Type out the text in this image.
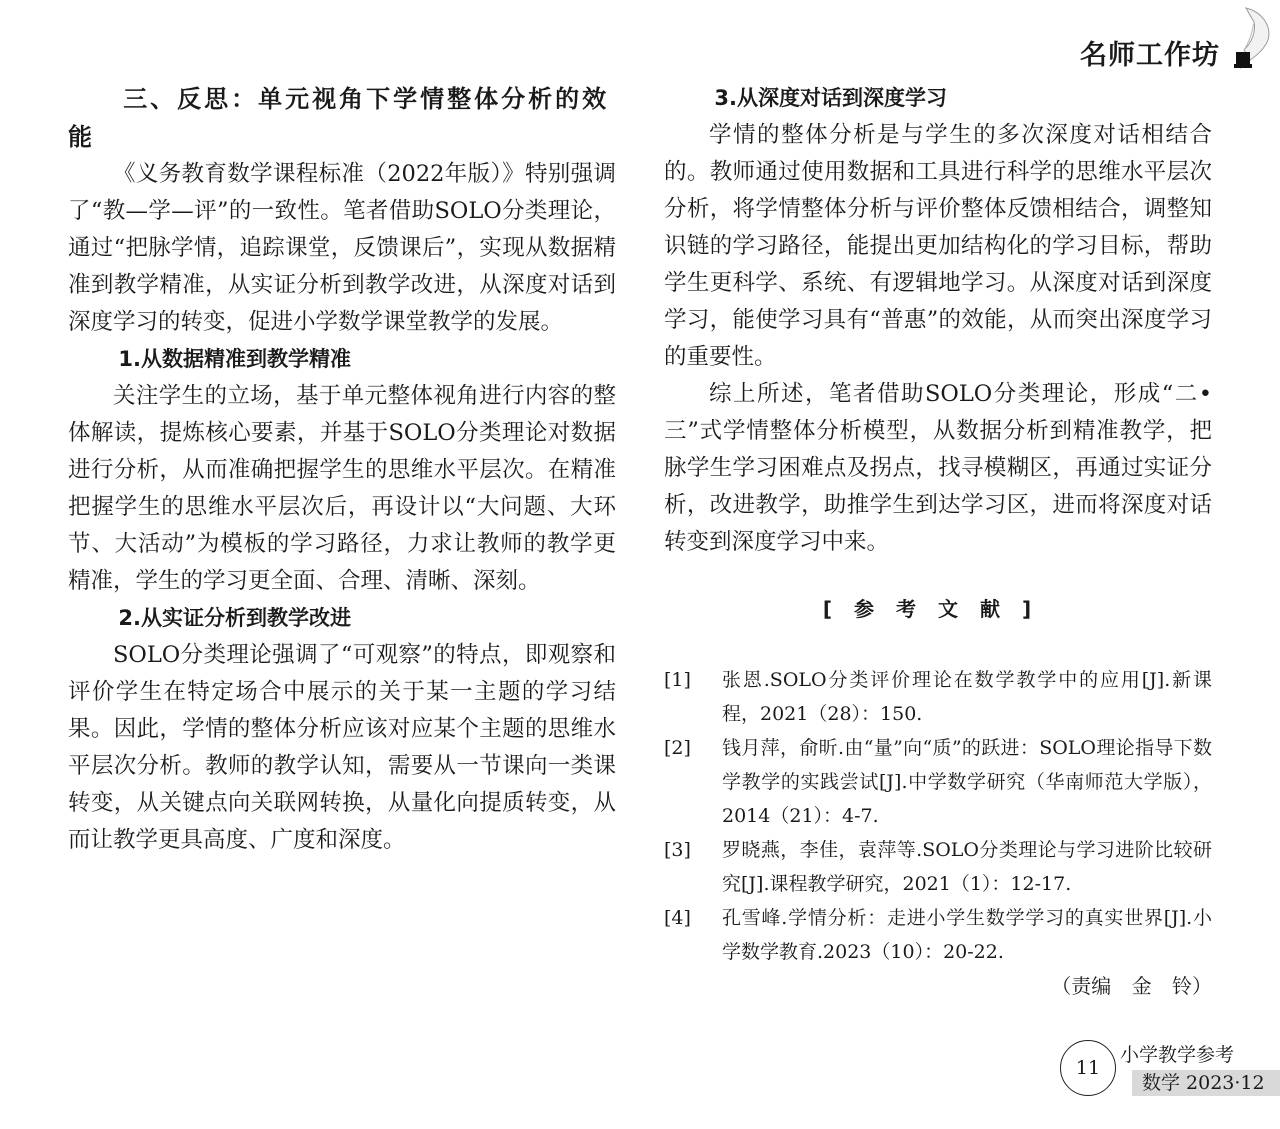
名师工作坊

三、反思：单元视角下学情整体分析的效能

《义务教育数学课程标准（2022年版）》特别强调了“教—学—评”的一致性。笔者借助SOLO分类理论，通过“把脉学情，追踪课堂，反馈课后”，实现从数据精准到教学精准，从实证分析到教学改进，从深度对话到深度学习的转变，促进小学数学课堂教学的发展。

1.从数据精准到教学精准

关注学生的立场，基于单元整体视角进行内容的整体解读，提炼核心要素，并基于SOLO分类理论对数据进行分析，从而准确把握学生的思维水平层次。在精准把握学生的思维水平层次后，再设计以“大问题、大环节、大活动”为模板的学习路径，力求让教师的教学更精准，学生的学习更全面、合理、清晰、深刻。

2.从实证分析到教学改进

SOLO分类理论强调了“可观察”的特点，即观察和评价学生在特定场合中展示的关于某一主题的学习结果。因此，学情的整体分析应该对应某个主题的思维水平层次分析。教师的教学认知，需要从一节课向一类课转变，从关键点向关联网转换，从量化向提质转变，从而让教学更具高度、广度和深度。

3.从深度对话到深度学习

学情的整体分析是与学生的多次深度对话相结合的。教师通过使用数据和工具进行科学的思维水平层次分析，将学情整体分析与评价整体反馈相结合，调整知识链的学习路径，能提出更加结构化的学习目标，帮助学生更科学、系统、有逻辑地学习。从深度对话到深度学习，能使学习具有“普惠”的效能，从而突出深度学习的重要性。

综上所述，笔者借助SOLO分类理论，形成“二•三”式学情整体分析模型，从数据分析到精准教学，把脉学生学习困难点及拐点，找寻模糊区，再通过实证分析，改进教学，助推学生到达学习区，进而将深度对话转变到深度学习中来。

[参考文献]
[1]	张恩.SOLO分类评价理论在数学教学中的应用[J].新课程，2021（28）：150.
[2]	钱月萍，俞昕.由“量”向“质”的跃进：SOLO理论指导下数学教学的实践尝试[J].中学数学研究（华南师范大学版），2014（21）：4-7.
[3]	罗晓燕，李佳，袁萍等.SOLO分类理论与学习进阶比较研究[J].课程教学研究，2021（1）：12-17.
[4]	孔雪峰.学情分析：走进小学生数学学习的真实世界[J].小学数学教育.2023（10）：20-22.
（责编 金 铃）
11
小学教学参考
数学 2023·12
